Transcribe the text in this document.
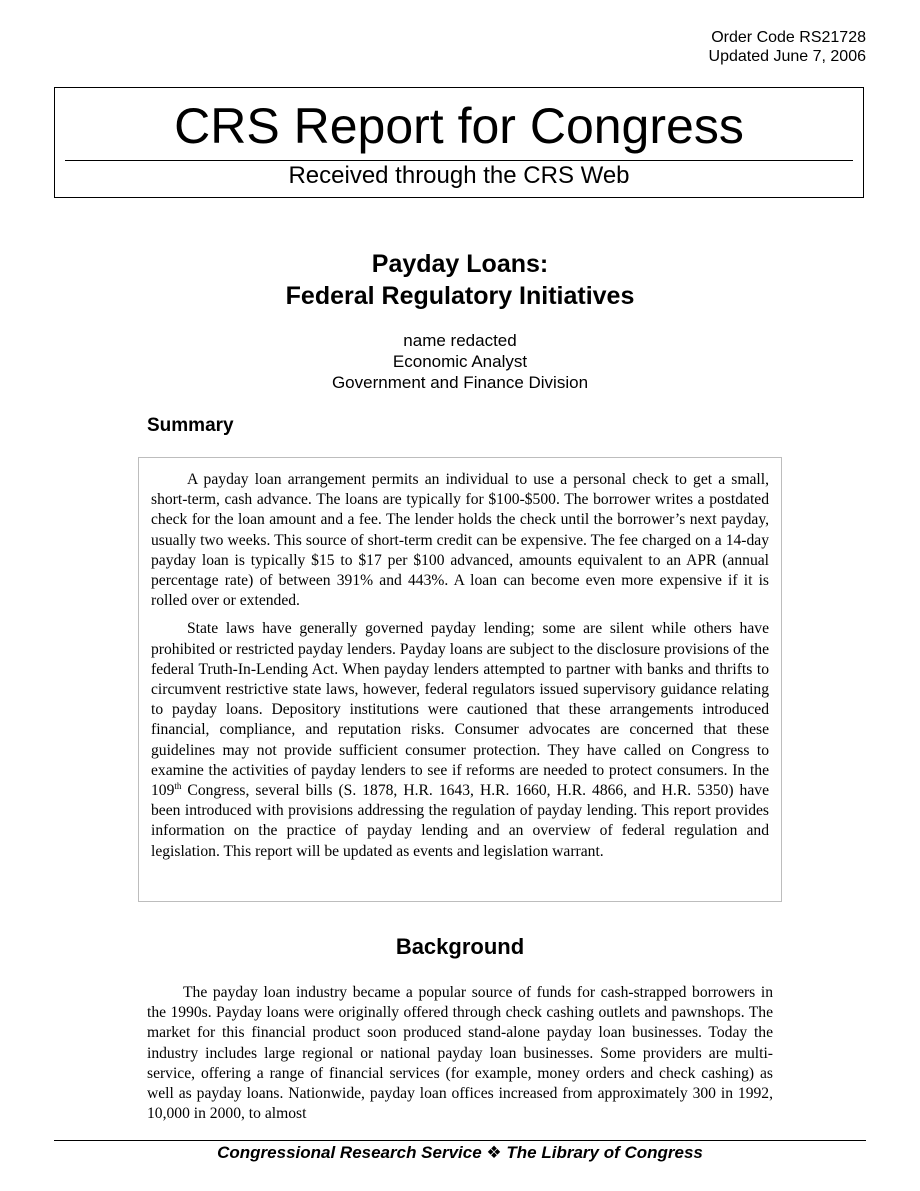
Order Code RS21728
Updated June 7, 2006
CRS Report for Congress
Received through the CRS Web
Payday Loans:
Federal Regulatory Initiatives
name redacted
Economic Analyst
Government and Finance Division
Summary

A payday loan arrangement permits an individual to use a personal check to get a small, short-term, cash advance. The loans are typically for $100-$500. The borrower writes a postdated check for the loan amount and a fee. The lender holds the check until the borrower’s next payday, usually two weeks. This source of short-term credit can be expensive. The fee charged on a 14-day payday loan is typically $15 to $17 per $100 advanced, amounts equivalent to an APR (annual percentage rate) of between 391% and 443%. A loan can become even more expensive if it is rolled over or extended.

State laws have generally governed payday lending; some are silent while others have prohibited or restricted payday lenders. Payday loans are subject to the disclosure provisions of the federal Truth-In-Lending Act. When payday lenders attempted to partner with banks and thrifts to circumvent restrictive state laws, however, federal regulators issued supervisory guidance relating to payday loans. Depository institutions were cautioned that these arrangements introduced financial, compliance, and reputation risks. Consumer advocates are concerned that these guidelines may not provide sufficient consumer protection. They have called on Congress to examine the activities of payday lenders to see if reforms are needed to protect consumers. In the 109th Congress, several bills (S. 1878, H.R. 1643, H.R. 1660, H.R. 4866, and H.R. 5350) have been introduced with provisions addressing the regulation of payday lending. This report provides information on the practice of payday lending and an overview of federal regulation and legislation. This report will be updated as events and legislation warrant.

Background

The payday loan industry became a popular source of funds for cash-strapped borrowers in the 1990s. Payday loans were originally offered through check cashing outlets and pawnshops. The market for this financial product soon produced stand-alone payday loan businesses. Today the industry includes large regional or national payday loan businesses. Some providers are multi-service, offering a range of financial services (for example, money orders and check cashing) as well as payday loans. Nationwide, payday loan offices increased from approximately 300 in 1992, 10,000 in 2000, to almost

Congressional Research Service ❖ The Library of Congress
